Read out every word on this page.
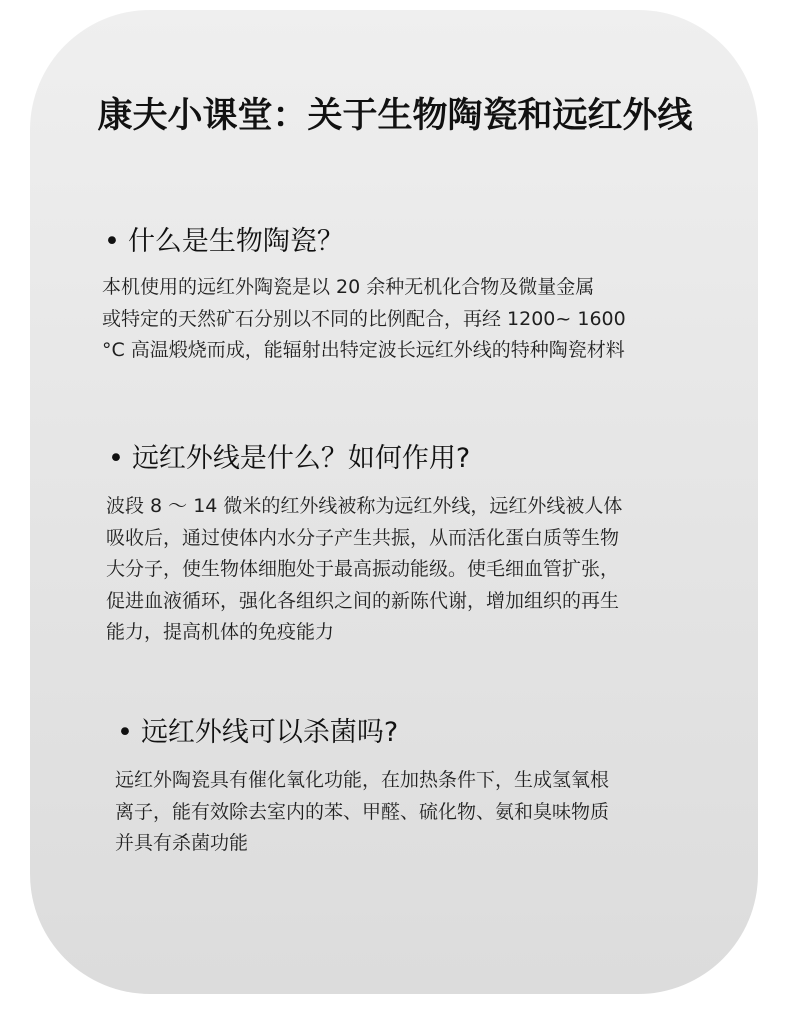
康夫小课堂：关于生物陶瓷和远红外线
• 什么是生物陶瓷？
本机使用的远红外陶瓷是以 20 余种无机化合物及微量金属
或特定的天然矿石分别以不同的比例配合，再经 1200~ 1600
°C 高温煅烧而成，能辐射出特定波长远红外线的特种陶瓷材料
• 远红外线是什么？如何作用?
波段 8 ～ 14 微米的红外线被称为远红外线，远红外线被人体
吸收后，通过使体内水分子产生共振，从而活化蛋白质等生物
大分子，使生物体细胞处于最高振动能级。使毛细血管扩张，
促进血液循环，强化各组织之间的新陈代谢，增加组织的再生
能力，提高机体的免疫能力
• 远红外线可以杀菌吗?
远红外陶瓷具有催化氧化功能，在加热条件下，生成氢氧根
离子，能有效除去室内的苯、甲醛、硫化物、氨和臭味物质
并具有杀菌功能
